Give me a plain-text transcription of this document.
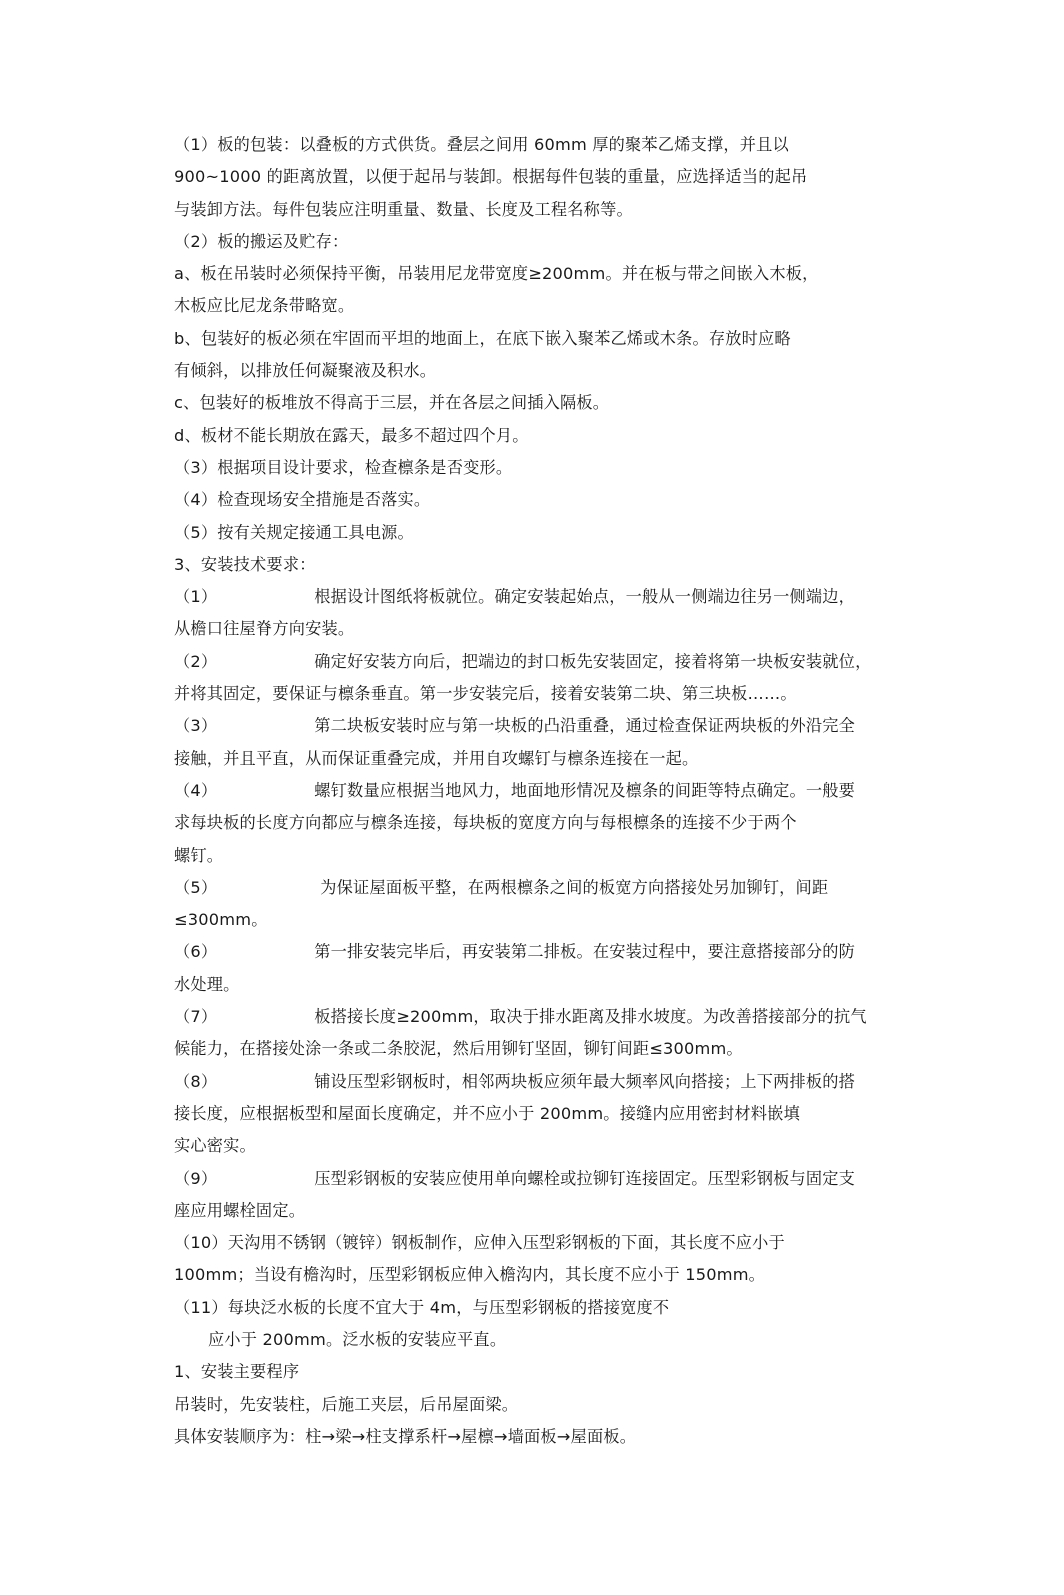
（1）板的包装：以叠板的方式供货。叠层之间用 60mm 厚的聚苯乙烯支撑，并且以

900~1000 的距离放置，以便于起吊与装卸。根据每件包装的重量，应选择适当的起吊

与装卸方法。每件包装应注明重量、数量、长度及工程名称等。

（2）板的搬运及贮存：

a、板在吊装时必须保持平衡，吊装用尼龙带宽度≥200mm。并在板与带之间嵌入木板，

木板应比尼龙条带略宽。

b、包装好的板必须在牢固而平坦的地面上，在底下嵌入聚苯乙烯或木条。存放时应略

有倾斜，以排放任何凝聚液及积水。

c、包装好的板堆放不得高于三层，并在各层之间插入隔板。

d、板材不能长期放在露天，最多不超过四个月。

（3）根据项目设计要求，检查檩条是否变形。

（4）检查现场安全措施是否落实。

（5）按有关规定接通工具电源。

3、安装技术要求：

（1）	根据设计图纸将板就位。确定安装起始点，一般从一侧端边往另一侧端边，

从檐口往屋脊方向安装。

（2）	确定好安装方向后，把端边的封口板先安装固定，接着将第一块板安装就位，

并将其固定，要保证与檩条垂直。第一步安装完后，接着安装第二块、第三块板……。

（3）	第二块板安装时应与第一块板的凸沿重叠，通过检查保证两块板的外沿完全

接触，并且平直，从而保证重叠完成，并用自攻螺钉与檩条连接在一起。

（4）	螺钉数量应根据当地风力，地面地形情况及檩条的间距等特点确定。一般要

求每块板的长度方向都应与檩条连接，每块板的宽度方向与每根檩条的连接不少于两个

螺钉。

（5）	为保证屋面板平整，在两根檩条之间的板宽方向搭接处另加铆钉，间距

≤300mm。

（6）	第一排安装完毕后，再安装第二排板。在安装过程中，要注意搭接部分的防

水处理。

（7）	板搭接长度≥200mm，取决于排水距离及排水坡度。为改善搭接部分的抗气

候能力，在搭接处涂一条或二条胶泥，然后用铆钉坚固，铆钉间距≤300mm。

（8）	铺设压型彩钢板时，相邻两块板应须年最大频率风向搭接；上下两排板的搭

接长度，应根据板型和屋面长度确定，并不应小于 200mm。接缝内应用密封材料嵌填

实心密实。

（9）	压型彩钢板的安装应使用单向螺栓或拉铆钉连接固定。压型彩钢板与固定支

座应用螺栓固定。

（10）天沟用不锈钢（镀锌）钢板制作，应伸入压型彩钢板的下面，其长度不应小于

100mm；当设有檐沟时，压型彩钢板应伸入檐沟内，其长度不应小于 150mm。

（11）每块泛水板的长度不宜大于 4m，与压型彩钢板的搭接宽度不

应小于 200mm。泛水板的安装应平直。

1、安装主要程序

吊装时，先安装柱，后施工夹层，后吊屋面梁。

具体安装顺序为：柱→梁→柱支撑系杆→屋檩→墙面板→屋面板。
